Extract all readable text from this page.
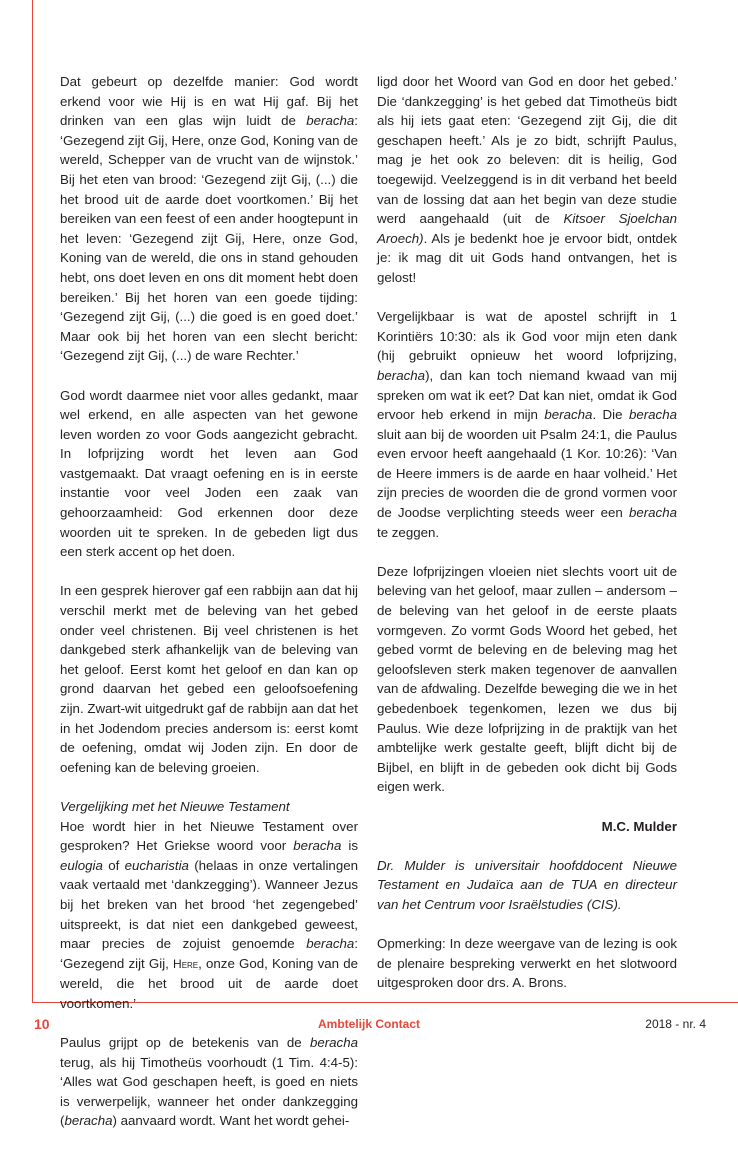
Dat gebeurt op dezelfde manier: God wordt erkend voor wie Hij is en wat Hij gaf. Bij het drinken van een glas wijn luidt de beracha: ‘Gezegend zijt Gij, Here, onze God, Koning van de wereld, Schepper van de vrucht van de wijnstok.’ Bij het eten van brood: ‘Gezegend zijt Gij, (...) die het brood uit de aarde doet voortkomen.’ Bij het bereiken van een feest of een ander hoogtepunt in het leven: ‘Gezegend zijt Gij, Here, onze God, Koning van de wereld, die ons in stand gehouden hebt, ons doet leven en ons dit moment hebt doen bereiken.’ Bij het horen van een goede tijding: ‘Gezegend zijt Gij, (...) die goed is en goed doet.’ Maar ook bij het horen van een slecht bericht: ‘Gezegend zijt Gij, (...) de ware Rechter.’

God wordt daarmee niet voor alles gedankt, maar wel erkend, en alle aspecten van het gewone leven worden zo voor Gods aangezicht gebracht. In lofprijzing wordt het leven aan God vastgemaakt. Dat vraagt oefening en is in eerste instantie voor veel Joden een zaak van gehoorzaamheid: God erkennen door deze woorden uit te spreken. In de gebeden ligt dus een sterk accent op het doen.

In een gesprek hierover gaf een rabbijn aan dat hij verschil merkt met de beleving van het gebed onder veel christenen. Bij veel christenen is het dankgebed sterk afhankelijk van de beleving van het geloof. Eerst komt het geloof en dan kan op grond daarvan het gebed een geloofsoefening zijn. Zwart-wit uitgedrukt gaf de rabbijn aan dat het in het Jodendom precies andersom is: eerst komt de oefening, omdat wij Joden zijn. En door de oefening kan de beleving groeien.

Vergelijking met het Nieuwe Testament

Hoe wordt hier in het Nieuwe Testament over gesproken? Het Griekse woord voor beracha is eulogia of eucharistia (helaas in onze vertalingen vaak vertaald met ‘dankzegging’). Wanneer Jezus bij het breken van het brood ‘het zegengebed’ uitspreekt, is dat niet een dankgebed geweest, maar precies de zojuist genoemde beracha: ‘Gezegend zijt Gij, Here, onze God, Koning van de wereld, die het brood uit de aarde doet voortkomen.’

Paulus grijpt op de betekenis van de beracha terug, als hij Timotheüs voorhoudt (1 Tim. 4:4-5): ‘Alles wat God geschapen heeft, is goed en niets is verwerpelijk, wanneer het onder dankzegging (beracha) aanvaard wordt. Want het wordt gehei-

ligd door het Woord van God en door het gebed.’ Die ‘dankzegging’ is het gebed dat Timotheüs bidt als hij iets gaat eten: ‘Gezegend zijt Gij, die dit geschapen heeft.’ Als je zo bidt, schrijft Paulus, mag je het ook zo beleven: dit is heilig, God toegewijd. Veelzeggend is in dit verband het beeld van de lossing dat aan het begin van deze studie werd aangehaald (uit de Kitsoer Sjoelchan Aroech). Als je bedenkt hoe je ervoor bidt, ontdek je: ik mag dit uit Gods hand ontvangen, het is gelost!

Vergelijkbaar is wat de apostel schrijft in 1 Korintiërs 10:30: als ik God voor mijn eten dank (hij gebruikt opnieuw het woord lofprijzing, beracha), dan kan toch niemand kwaad van mij spreken om wat ik eet? Dat kan niet, omdat ik God ervoor heb erkend in mijn beracha. Die beracha sluit aan bij de woorden uit Psalm 24:1, die Paulus even ervoor heeft aangehaald (1 Kor. 10:26): ‘Van de Heere immers is de aarde en haar volheid.’ Het zijn precies de woorden die de grond vormen voor de Joodse verplichting steeds weer een beracha te zeggen.

Deze lofprijzingen vloeien niet slechts voort uit de beleving van het geloof, maar zullen – andersom – de beleving van het geloof in de eerste plaats vormgeven. Zo vormt Gods Woord het gebed, het gebed vormt de beleving en de beleving mag het geloofsleven sterk maken tegenover de aanvallen van de afdwaling. Dezelfde beweging die we in het gebedenboek tegenkomen, lezen we dus bij Paulus. Wie deze lofprijzing in de praktijk van het ambtelijke werk gestalte geeft, blijft dicht bij de Bijbel, en blijft in de gebeden ook dicht bij Gods eigen werk.

M.C. Mulder

Dr. Mulder is universitair hoofddocent Nieuwe Testament en Judaïca aan de TUA en directeur van het Centrum voor Israëlstudies (CIS).

Opmerking: In deze weergave van de lezing is ook de plenaire bespreking verwerkt en het slotwoord uitgesproken door drs. A. Brons.

10	Ambtelijk Contact	2018 - nr. 4
